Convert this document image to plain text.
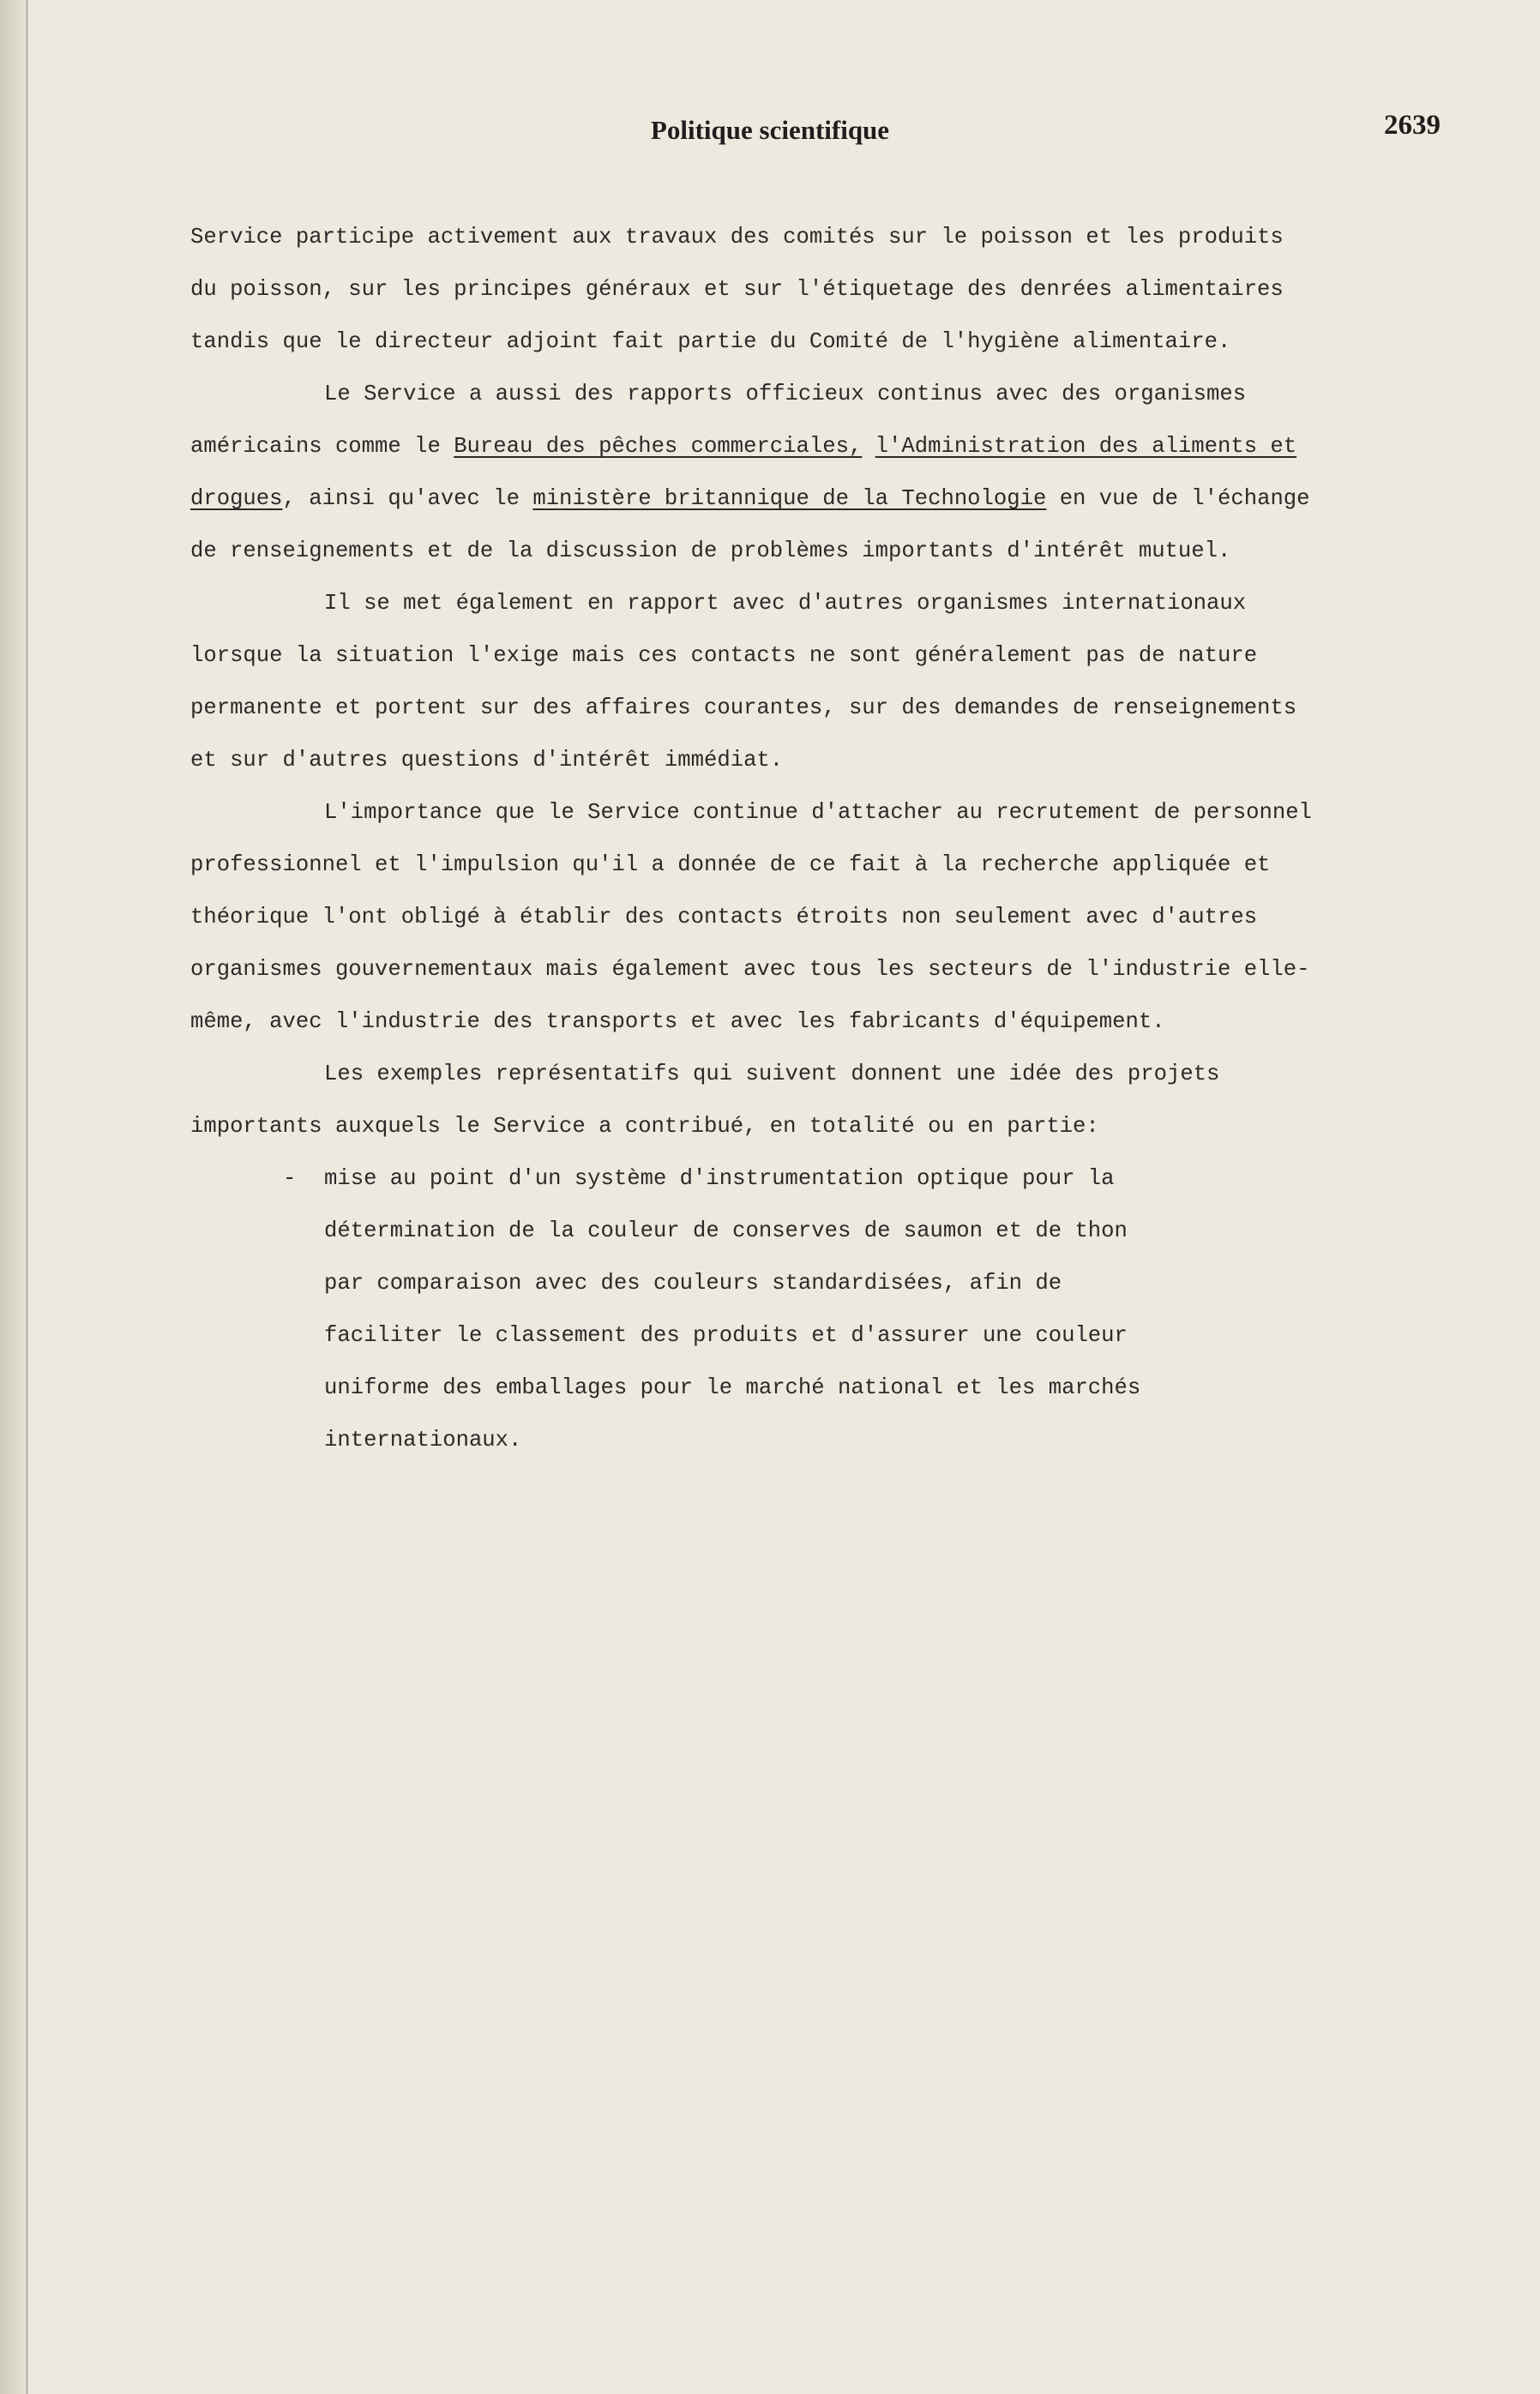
Politique scientifique	2639

Service participe activement aux travaux des comités sur le poisson et les produits du poisson, sur les principes généraux et sur l'étiquetage des denrées alimentaires tandis que le directeur adjoint fait partie du Comité de l'hygiène alimentaire.

Le Service a aussi des rapports officieux continus avec des organismes américains comme le Bureau des pêches commerciales, l'Administration des aliments et drogues, ainsi qu'avec le ministère britannique de la Technologie en vue de l'échange de renseignements et de la discussion de problèmes importants d'intérêt mutuel.

Il se met également en rapport avec d'autres organismes internationaux lorsque la situation l'exige mais ces contacts ne sont généralement pas de nature permanente et portent sur des affaires courantes, sur des demandes de renseignements et sur d'autres questions d'intérêt immédiat.

L'importance que le Service continue d'attacher au recrutement de personnel professionnel et l'impulsion qu'il a donnée de ce fait à la recherche appliquée et théorique l'ont obligé à établir des contacts étroits non seulement avec d'autres organismes gouvernementaux mais également avec tous les secteurs de l'industrie elle-même, avec l'industrie des transports et avec les fabricants d'équipement.

Les exemples représentatifs qui suivent donnent une idée des projets importants auxquels le Service a contribué, en totalité ou en partie:

- mise au point d'un système d'instrumentation optique pour la détermination de la couleur de conserves de saumon et de thon par comparaison avec des couleurs standardisées, afin de faciliter le classement des produits et d'assurer une couleur uniforme des emballages pour le marché national et les marchés internationaux.
